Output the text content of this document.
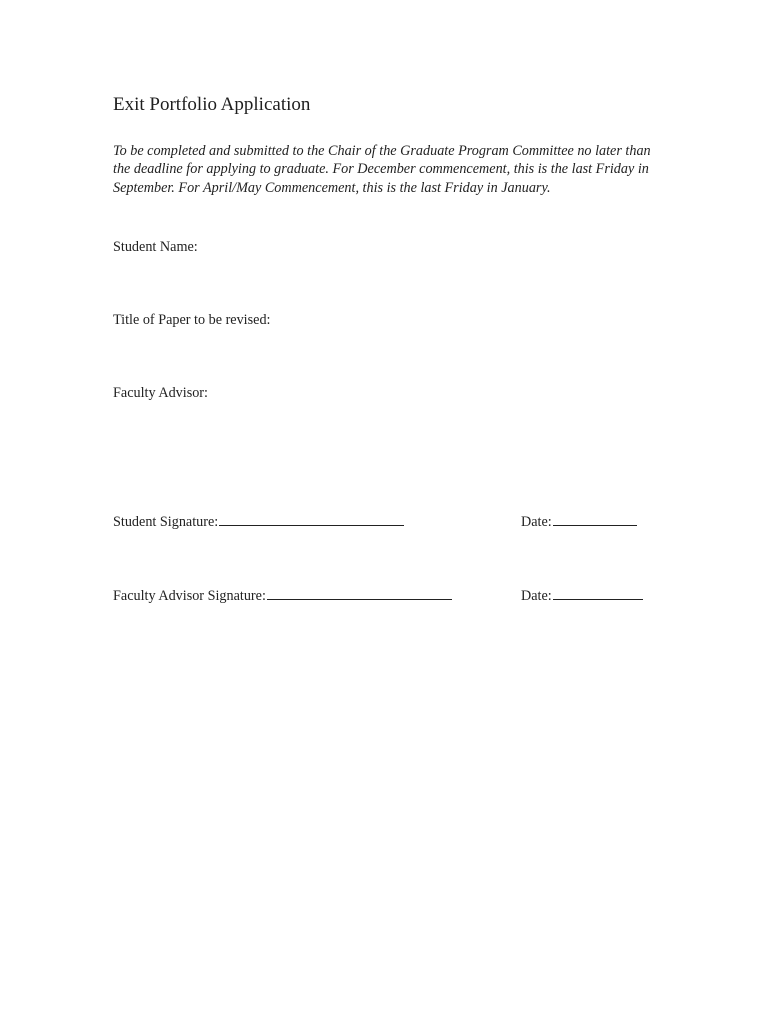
Exit Portfolio Application
To be completed and submitted to the Chair of the Graduate Program Committee no later than the deadline for applying to graduate. For December commencement, this is the last Friday in September. For April/May Commencement, this is the last Friday in January.
Student Name:
Title of Paper to be revised:
Faculty Advisor:
Student Signature:	Date:
Faculty Advisor Signature:	Date:
